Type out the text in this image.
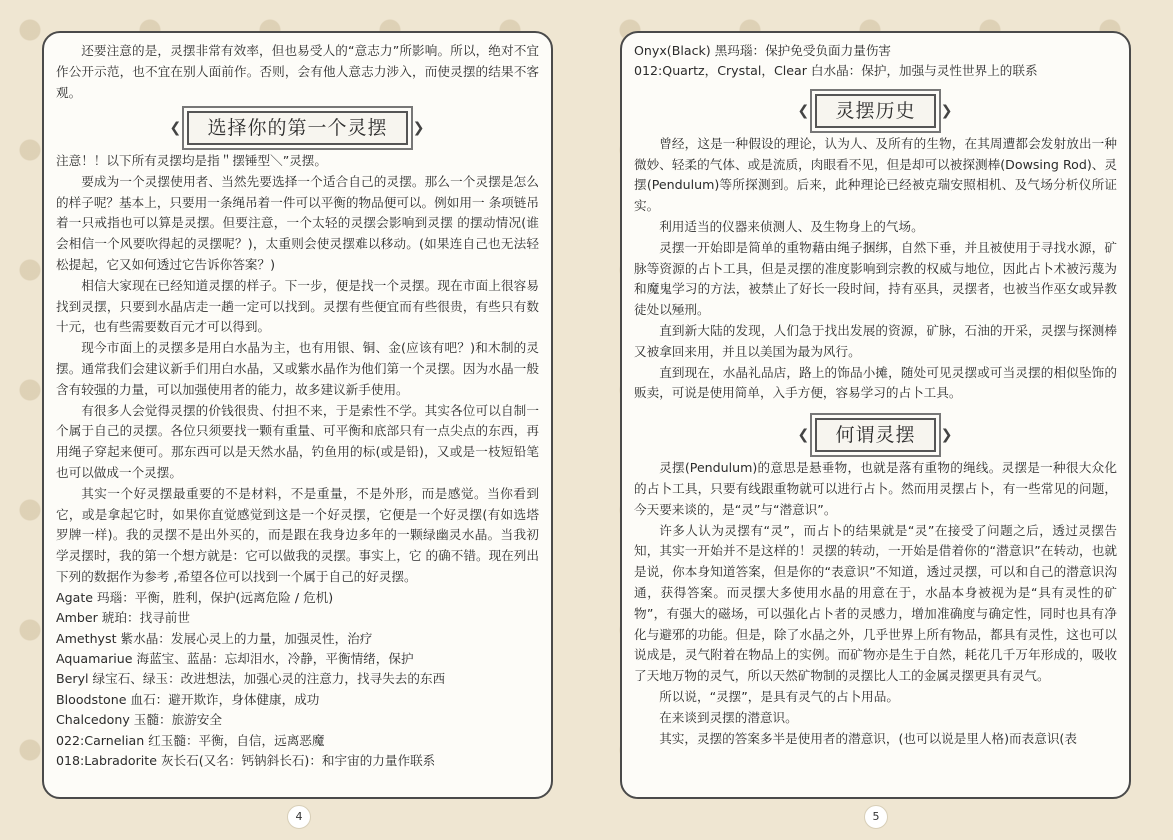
还要注意的是，灵摆非常有效率，但也易受人的“意志力”所影响。所以，绝对不宜作公开示范，也不宜在别人面前作。否则，会有他人意志力涉入，而使灵摆的结果不客观。

❮ 选择你的第一个灵摆 ❯

注意！！以下所有灵摆均是指＂摆锤型＼”灵摆。

要成为一个灵摆使用者、当然先要选择一个适合自己的灵摆。那么一个灵摆是怎么的样子呢？基本上，只要用一条绳吊着一件可以平衡的物品便可以。例如用一 条项链吊着一只戒指也可以算是灵摆。但要注意，一个太轻的灵摆会影响到灵摆 的摆动情况(谁会相信一个风要吹得起的灵摆呢？)，太重则会使灵摆难以移动。(如果连自己也无法轻松提起，它又如何透过它告诉你答案？)

相信大家现在已经知道灵摆的样子。下一步，便是找一个灵摆。现在市面上很容易找到灵摆，只要到水晶店走一趟一定可以找到。灵摆有些便宜而有些很贵，有些只有数十元，也有些需要数百元才可以得到。

现今市面上的灵摆多是用白水晶为主，也有用银、铜、金(应该有吧？)和木制的灵摆。通常我们会建议新手们用白水晶，又或紫水晶作为他们第一个灵摆。因为水晶一般含有较强的力量，可以加强使用者的能力，故多建议新手使用。

有很多人会觉得灵摆的价钱很贵、付担不来，于是索性不学。其实各位可以自制一个属于自己的灵摆。各位只须要找一颗有重量、可平衡和底部只有一点尖点的东西，再用绳子穿起来便可。那东西可以是天然水晶，钓鱼用的标(或是铅)，又或是一枝短铅笔也可以做成一个灵摆。

其实一个好灵摆最重要的不是材料，不是重量，不是外形，而是感觉。当你看到它，或是拿起它时，如果你直觉感觉到这是一个好灵摆，它便是一个好灵摆(有如选塔罗牌一样)。我的灵摆不是出外买的，而是跟在我身边多年的一颗绿幽灵水晶。当我初学灵摆时，我的第一个想方就是：它可以做我的灵摆。事实上，它 的确不错。现在列出下列的数据作为参考 ,希望各位可以找到一个属于自己的好灵摆。

Agate 玛瑙：平衡，胜利，保护(远离危险 / 危机)

Amber 琥珀：找寻前世

Amethyst 紫水晶：发展心灵上的力量，加强灵性，治疗

Aquamariue 海蓝宝、蓝晶：忘却泪水，冷静，平衡情绪，保护

Beryl 绿宝石、绿玉：改进想法，加强心灵的注意力，找寻失去的东西

Bloodstone 血石：避开欺诈，身体健康，成功

Chalcedony 玉髓：旅游安全

022:Carnelian 红玉髓：平衡，自信，远离恶魔

018:Labradorite 灰长石(又名：钙钠斜长石)：和宇宙的力量作联系

Onyx(Black) 黑玛瑙：保护免受负面力量伤害

012:Quartz，Crystal，Clear 白水晶：保护，加强与灵性世界上的联系

❮ 灵摆历史 ❯

曾经，这是一种假设的理论，认为人、及所有的生物，在其周遭都会发射放出一种微妙、轻柔的气体、或是流质，肉眼看不见，但是却可以被探测棒(Dowsing Rod)、灵摆(Pendulum)等所探测到。后来，此种理论已经被克瑞安照相机、及气场分析仪所证实。

利用适当的仪器来侦测人、及生物身上的气场。

灵摆一开始即是简单的重物藉由绳子捆绑，自然下垂，并且被使用于寻找水源，矿脉等资源的占卜工具，但是灵摆的准度影响到宗教的权威与地位，因此占卜术被污蔑为和魔鬼学习的方法，被禁止了好长一段时间，持有巫具，灵摆者，也被当作巫女或异教徒处以殛刑。

直到新大陆的发现，人们急于找出发展的资源，矿脉，石油的开采，灵摆与探测棒又被拿回来用，并且以美国为最为风行。

直到现在，水晶礼品店，路上的饰品小摊，随处可见灵摆或可当灵摆的相似坠饰的贩卖，可说是使用简单，入手方便，容易学习的占卜工具。

❮ 何谓灵摆 ❯

灵摆(Pendulum)的意思是悬垂物，也就是落有重物的绳线。灵摆是一种很大众化的占卜工具，只要有线跟重物就可以进行占卜。然而用灵摆占卜，有一些常见的问题，今天要来谈的，是“灵”与“潜意识”。

许多人认为灵摆有“灵”，而占卜的结果就是“灵”在接受了问题之后，透过灵摆告知，其实一开始并不是这样的！灵摆的转动，一开始是借着你的“潜意识”在转动，也就是说，你本身知道答案，但是你的“表意识”不知道，透过灵摆，可以和自己的潜意识沟通，获得答案。而灵摆大多使用水晶的用意在于，水晶本身被视为是“具有灵性的矿物”，有强大的磁场，可以强化占卜者的灵感力，增加准确度与确定性，同时也具有净化与避邪的功能。但是，除了水晶之外，几乎世界上所有物品，都具有灵性，这也可以说成是，灵气附着在物品上的实例。而矿物亦是生于自然，耗花几千万年形成的，吸收了天地万物的灵气，所以天然矿物制的灵摆比人工的金属灵摆更具有灵气。

所以说，“灵摆”，是具有灵气的占卜用品。

在来谈到灵摆的潜意识。

其实，灵摆的答案多半是使用者的潜意识，(也可以说是里人格)而表意识(表

4	5
